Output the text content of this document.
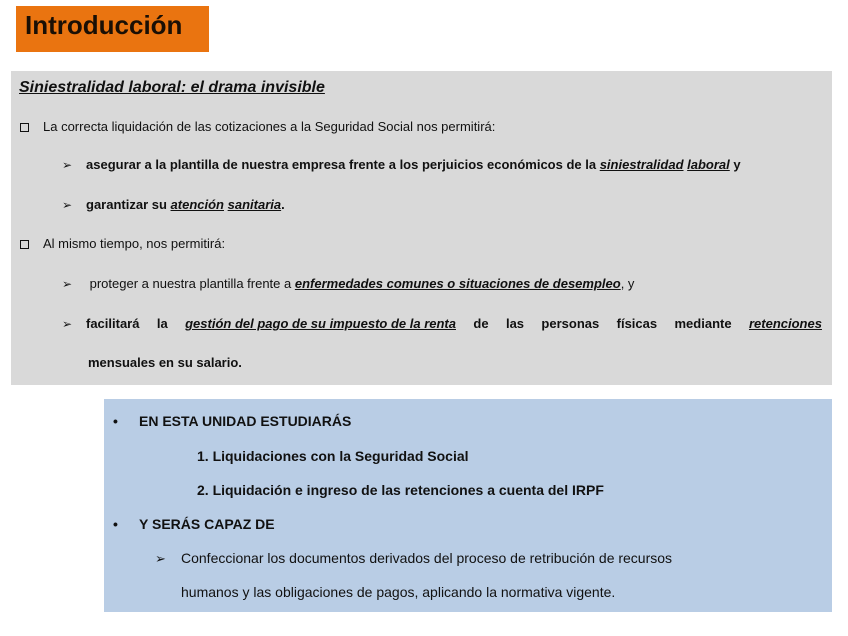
Introducción
Siniestralidad laboral: el drama invisible
La correcta liquidación de las cotizaciones a la Seguridad Social nos permitirá:
➢ asegurar a la plantilla de nuestra empresa frente a los perjuicios económicos de la siniestralidad laboral y
➢ garantizar su atención sanitaria.
Al mismo tiempo, nos permitirá:
➢ proteger a nuestra plantilla frente a enfermedades comunes o situaciones de desempleo, y
➢	facilitará la gestión del pago de su impuesto de la renta de las personas físicas mediante retenciones
mensuales en su salario.
• EN ESTA UNIDAD ESTUDIARÁS
1. Liquidaciones con la Seguridad Social
2. Liquidación e ingreso de las retenciones a cuenta del IRPF
• Y SERÁS CAPAZ DE
➢ Confeccionar los documentos derivados del proceso de retribución de recursos
humanos y las obligaciones de pagos, aplicando la normativa vigente.
